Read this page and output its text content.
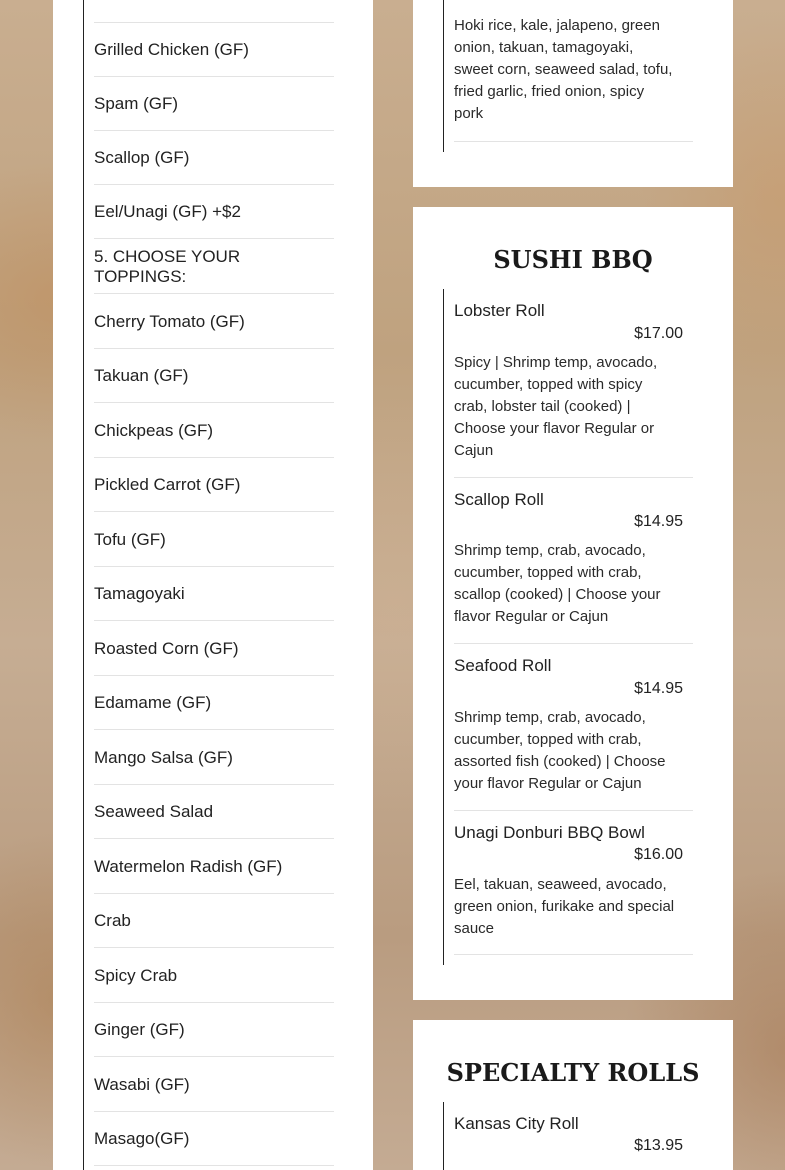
Grilled Chicken (GF)
Spam (GF)
Scallop (GF)
Eel/Unagi (GF) +$2
5. CHOOSE YOUR TOPPINGS:
Cherry Tomato (GF)
Takuan (GF)
Chickpeas (GF)
Pickled Carrot (GF)
Tofu (GF)
Tamagoyaki
Roasted Corn (GF)
Edamame (GF)
Mango Salsa (GF)
Seaweed Salad
Watermelon Radish (GF)
Crab
Spicy Crab
Ginger (GF)
Wasabi (GF)
Masago(GF)
Hoki rice, kale, jalapeno, green onion, takuan, tamagoyaki, sweet corn, seaweed salad, tofu, fried garlic, fried onion, spicy pork
SUSHI BBQ
Lobster Roll
$17.00
Spicy | Shrimp temp, avocado, cucumber, topped with spicy crab, lobster tail (cooked) | Choose your flavor Regular or Cajun
Scallop Roll
$14.95
Shrimp temp, crab, avocado, cucumber, topped with crab, scallop (cooked) | Choose your flavor Regular or Cajun
Seafood Roll
$14.95
Shrimp temp, crab, avocado, cucumber, topped with crab, assorted fish (cooked) | Choose your flavor Regular or Cajun
Unagi Donburi BBQ Bowl
$16.00
Eel, takuan, seaweed, avocado, green onion, furikake and special sauce
SPECIALTY ROLLS
Kansas City Roll
$13.95
